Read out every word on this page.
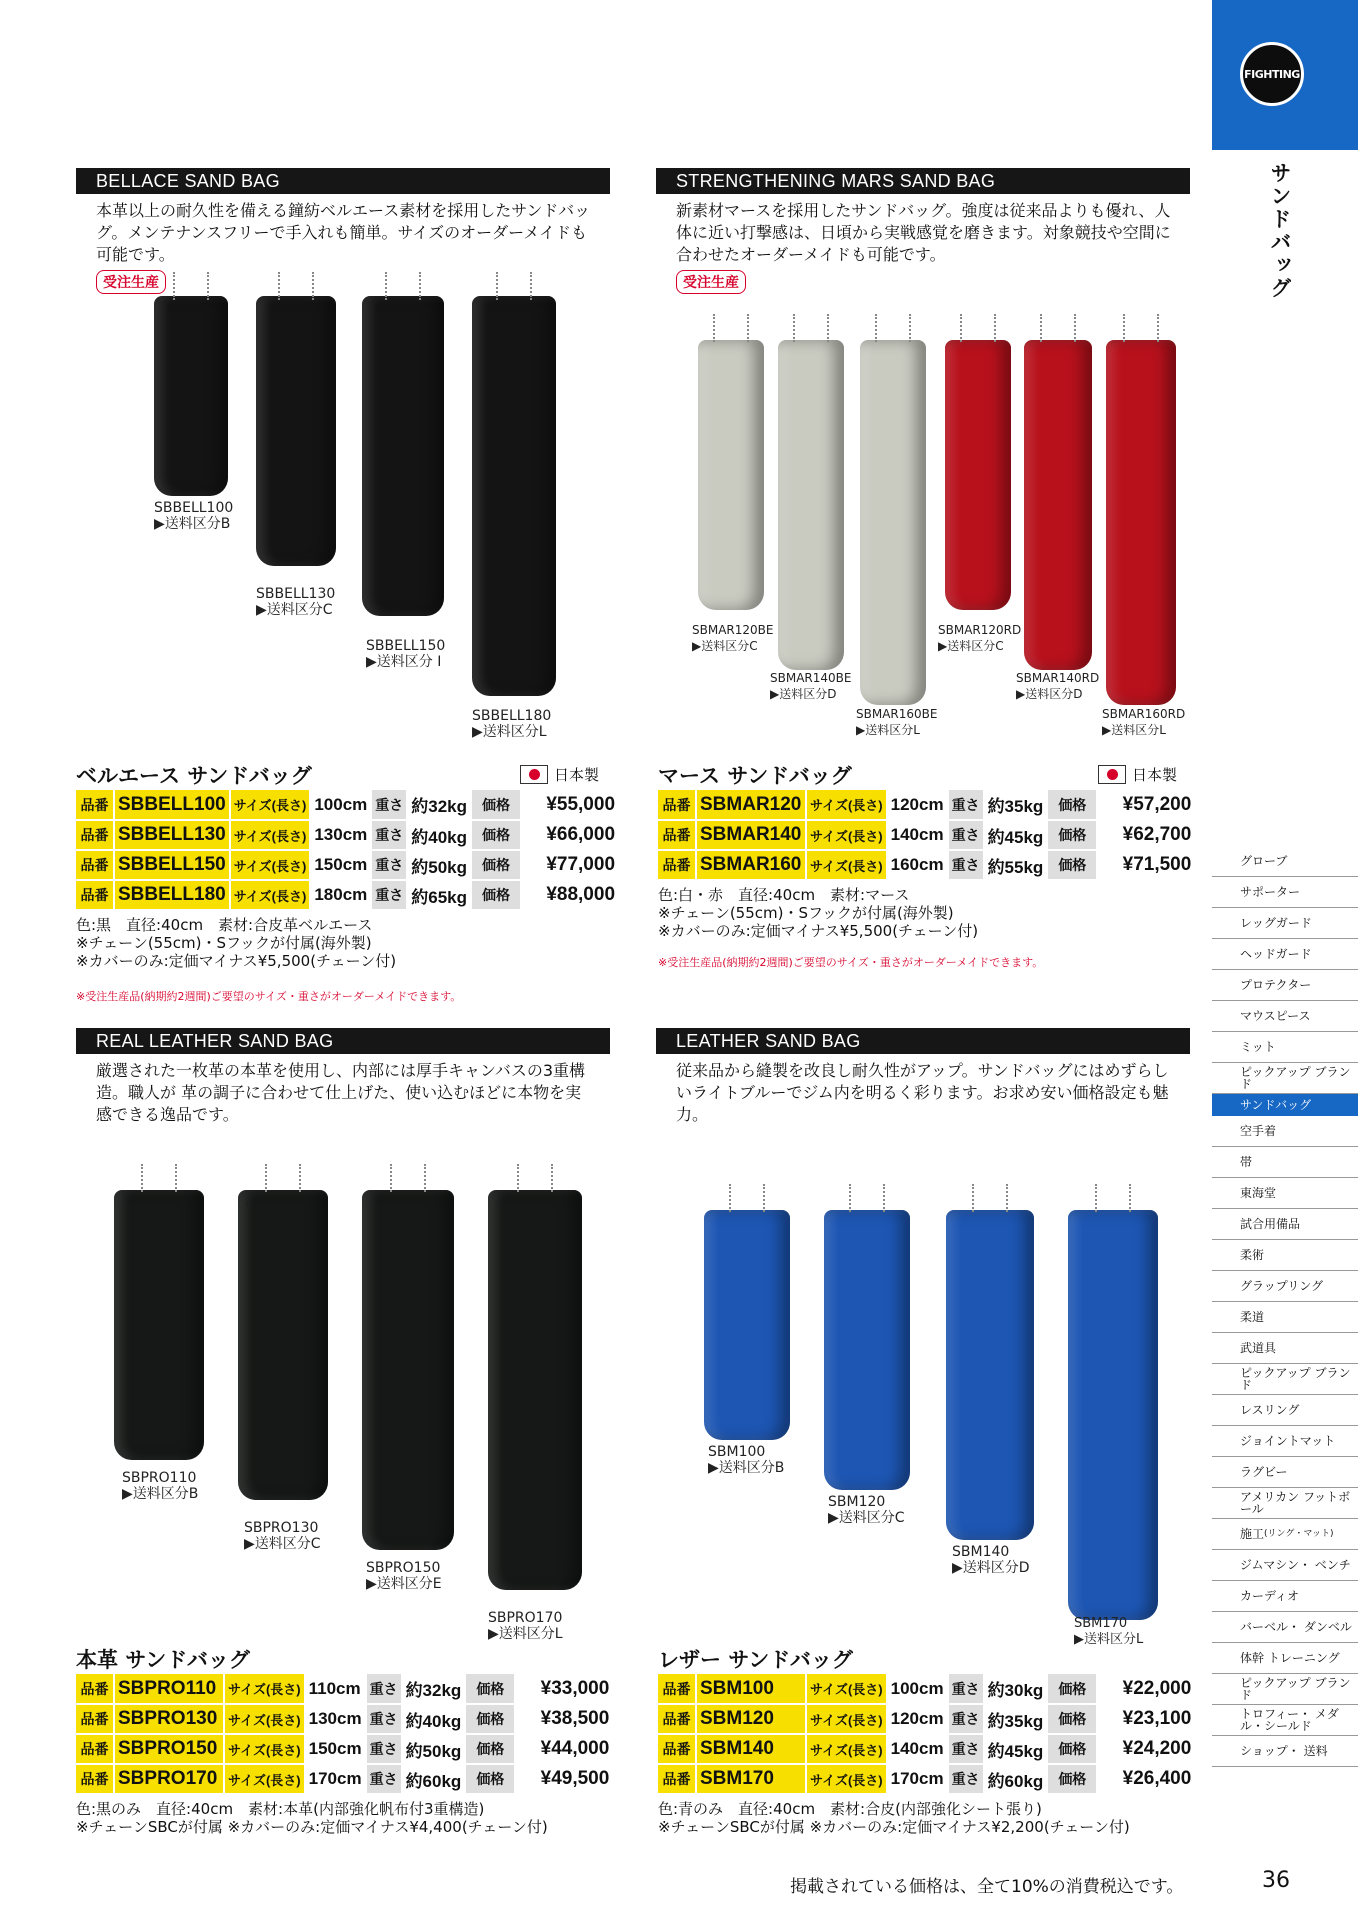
FIGHTING
サンドバッグ
グローブ
サポーター
レッグガード
ヘッドガード
プロテクター
マウスピース
ミット
ピックアップ ブランド
サンドバッグ
空手着
帯
東海堂
試合用備品
柔術
グラップリング
柔道
武道具
ピックアップ ブランド
レスリング
ジョイントマット
ラグビー
アメリカン フットボール
施工 (リング・マット)
ジムマシン・ ベンチ
カーディオ
バーベル・ ダンベル
体幹 トレーニング
ピックアップ ブランド
トロフィー・ メダル・シールド
ショップ・ 送料
BELLACE SAND BAG
本革以上の耐久性を備える鐘紡ベルエース素材を採用したサンドバッグ。メンテナンスフリーで手入れも簡単。サイズのオーダーメイドも可能です。
受注生産
SBBELL100
▶送料区分B
SBBELL130
▶送料区分C
SBBELL150
▶送料区分 I
SBBELL180
▶送料区分L
ベルエース サンドバッグ	日本製
品番	SBBELL100	サイズ(長さ)	100cm	重さ	約32kg	価格	¥55,000
品番	SBBELL130	サイズ(長さ)	130cm	重さ	約40kg	価格	¥66,000
品番	SBBELL150	サイズ(長さ)	150cm	重さ	約50kg	価格	¥77,000
品番	SBBELL180	サイズ(長さ)	180cm	重さ	約65kg	価格	¥88,000
色:黒　直径:40cm　素材:合皮革ベルエース
※チェーン(55cm)・Sフックが付属(海外製)
※カバーのみ:定価マイナス¥5,500(チェーン付)
※受注生産品(納期約2週間)ご要望のサイズ・重さがオーダーメイドできます。
STRENGTHENING MARS SAND BAG
新素材マースを採用したサンドバッグ。強度は従来品よりも優れ、人体に近い打撃感は、日頃から実戦感覚を磨きます。対象競技や空間に合わせたオーダーメイドも可能です。
受注生産
SBMAR120BE
▶送料区分C
SBMAR140BE
▶送料区分D
SBMAR160BE
▶送料区分L
SBMAR120RD
▶送料区分C
SBMAR140RD
▶送料区分D
SBMAR160RD
▶送料区分L
マース サンドバッグ	日本製
品番	SBMAR120	サイズ(長さ)	120cm	重さ	約35kg	価格	¥57,200
品番	SBMAR140	サイズ(長さ)	140cm	重さ	約45kg	価格	¥62,700
品番	SBMAR160	サイズ(長さ)	160cm	重さ	約55kg	価格	¥71,500
色:白・赤　直径:40cm　素材:マース
※チェーン(55cm)・Sフックが付属(海外製)
※カバーのみ:定価マイナス¥5,500(チェーン付)
※受注生産品(納期約2週間)ご要望のサイズ・重さがオーダーメイドできます。
REAL LEATHER SAND BAG
厳選された一枚革の本革を使用し、内部には厚手キャンバスの3重構造。職人が 革の調子に合わせて仕上げた、使い込むほどに本物を実感できる逸品です。
SBPRO110
▶送料区分B
SBPRO130
▶送料区分C
SBPRO150
▶送料区分E
SBPRO170
▶送料区分L
本革 サンドバッグ
品番	SBPRO110	サイズ(長さ)	110cm	重さ	約32kg	価格	¥33,000
品番	SBPRO130	サイズ(長さ)	130cm	重さ	約40kg	価格	¥38,500
品番	SBPRO150	サイズ(長さ)	150cm	重さ	約50kg	価格	¥44,000
品番	SBPRO170	サイズ(長さ)	170cm	重さ	約60kg	価格	¥49,500
色:黒のみ　直径:40cm　素材:本革(内部強化帆布付3重構造)
※チェーンSBCが付属 ※カバーのみ:定価マイナス¥4,400(チェーン付)
LEATHER SAND BAG
従来品から縫製を改良し耐久性がアップ。サンドバッグにはめずらしいライトブルーでジム内を明るく彩ります。お求め安い価格設定も魅力。
SBM100
▶送料区分B
SBM120
▶送料区分C
SBM140
▶送料区分D
SBM170
▶送料区分L
レザー サンドバッグ
品番	SBM100	サイズ(長さ)	100cm	重さ	約30kg	価格	¥22,000
品番	SBM120	サイズ(長さ)	120cm	重さ	約35kg	価格	¥23,100
品番	SBM140	サイズ(長さ)	140cm	重さ	約45kg	価格	¥24,200
品番	SBM170	サイズ(長さ)	170cm	重さ	約60kg	価格	¥26,400
色:青のみ　直径:40cm　素材:合皮(内部強化シート張り)
※チェーンSBCが付属 ※カバーのみ:定価マイナス¥2,200(チェーン付)
掲載されている価格は、全て10%の消費税込です。	36
